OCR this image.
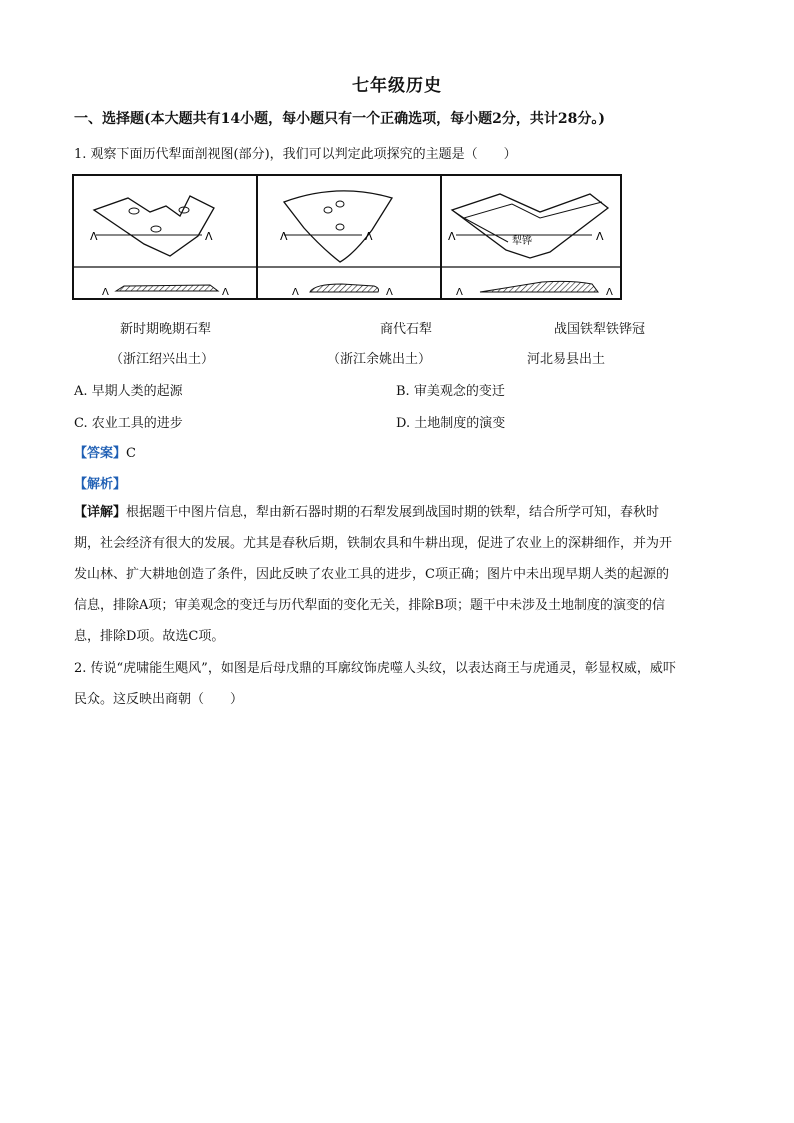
七年级历史
一、选择题(本大题共有14小题，每小题只有一个正确选项，每小题2分，共计28分。)
1. 观察下面历代犁面剖视图(部分)，我们可以判定此项探究的主题是（　　）
Λ	Λ
Λ	Λ
Λ	Λ
Λ	Λ
Λ	Λ
犁铧
Λ	Λ
新时期晚期石犁	商代石犁	战国铁犁铁铧冠
（浙江绍兴出土）	（浙江余姚出土）	河北易县出土
A. 早期人类的起源	B. 审美观念的变迁
C. 农业工具的进步	D. 土地制度的演变
【答案】C
【解析】
【详解】根据题干中图片信息，犁由新石器时期的石犁发展到战国时期的铁犁，结合所学可知，春秋时
期，社会经济有很大的发展。尤其是春秋后期，铁制农具和牛耕出现，促进了农业上的深耕细作，并为开
发山林、扩大耕地创造了条件，因此反映了农业工具的进步，C项正确；图片中未出现早期人类的起源的
信息，排除A项；审美观念的变迁与历代犁面的变化无关，排除B项；题干中未涉及土地制度的演变的信
息，排除D项。故选C项。
2. 传说“虎啸能生飓风”，如图是后母戊鼎的耳廓纹饰虎噬人头纹，以表达商王与虎通灵，彰显权威，威吓
民众。这反映出商朝（　　）
